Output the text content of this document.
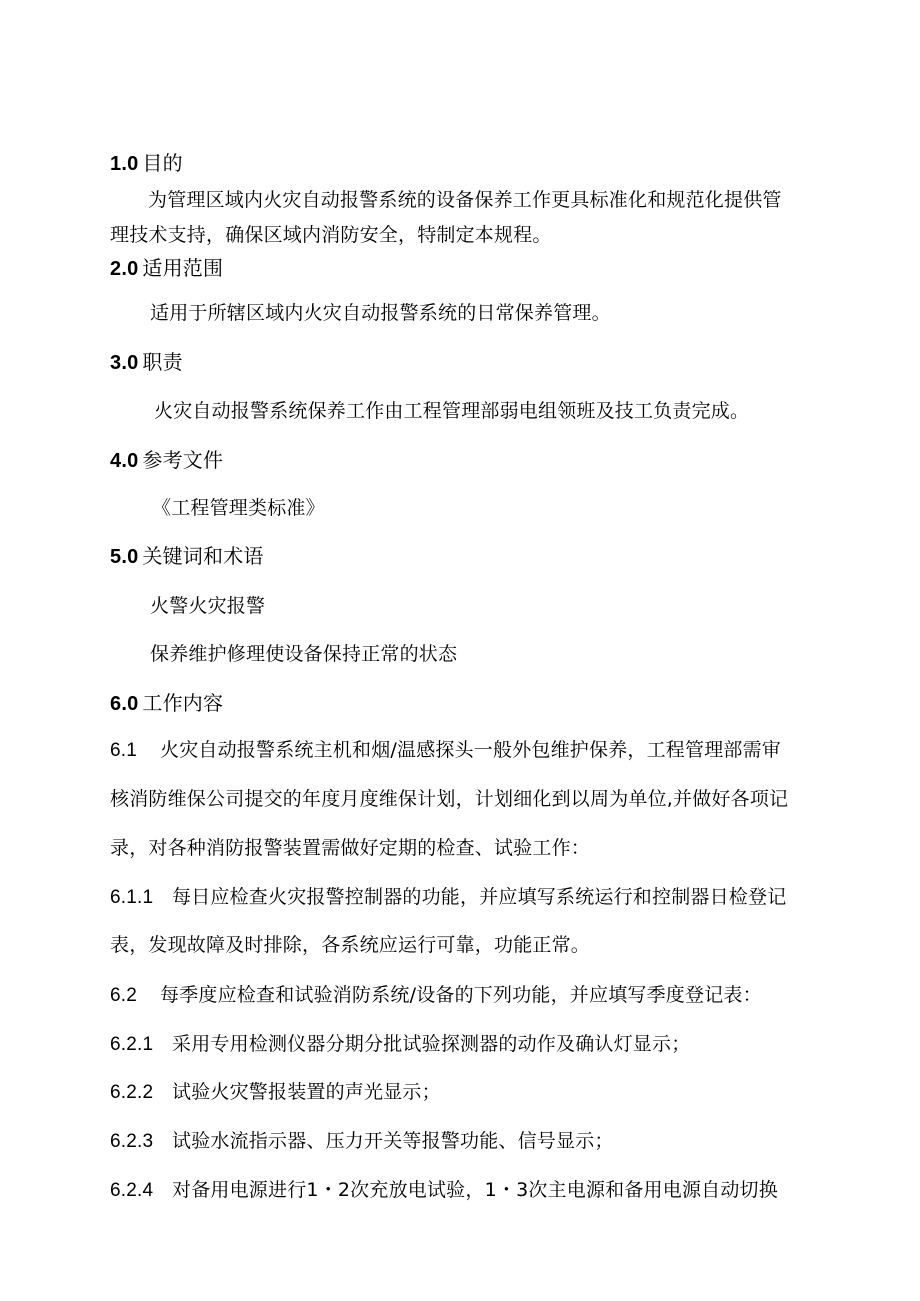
1.0 目的
为管理区域内火灾自动报警系统的设备保养工作更具标准化和规范化提供管
理技术支持，确保区域内消防安全，特制定本规程。
2.0 适用范围
适用于所辖区域内火灾自动报警系统的日常保养管理。
3.0 职责
火灾自动报警系统保养工作由工程管理部弱电组领班及技工负责完成。
4.0 参考文件
《工程管理类标准》
5.0 关键词和术语
火警火灾报警
保养维护修理使设备保持正常的状态
6.0 工作内容
6.1 火灾自动报警系统主机和烟/温感探头一般外包维护保养，工程管理部需审
核消防维保公司提交的年度月度维保计划，计划细化到以周为单位,并做好各项记
录，对各种消防报警装置需做好定期的检查、试验工作：
6.1.1 每日应检查火灾报警控制器的功能，并应填写系统运行和控制器日检登记
表，发现故障及时排除，各系统应运行可靠，功能正常。
6.2 每季度应检查和试验消防系统/设备的下列功能，并应填写季度登记表：
6.2.1 采用专用检测仪器分期分批试验探测器的动作及确认灯显示；
6.2.2 试验火灾警报装置的声光显示；
6.2.3 试验水流指示器、压力开关等报警功能、信号显示；
6.2.4 对备用电源进行1・2次充放电试验，1・3次主电源和备用电源自动切换
